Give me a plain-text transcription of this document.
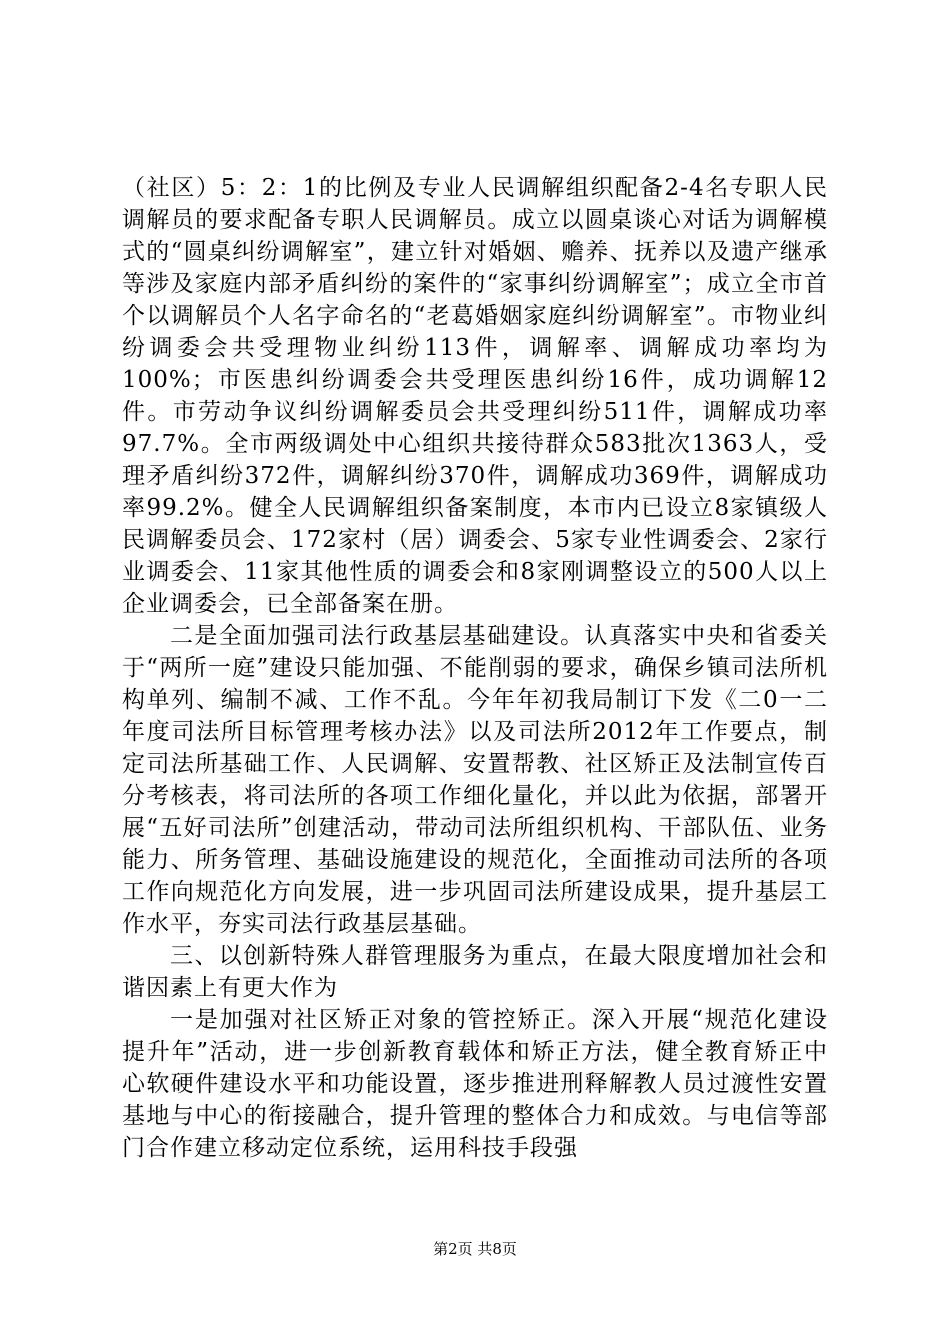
（社区）5：2：1的比例及专业人民调解组织配备2-4名专职人民调解员的要求配备专职人民调解员。成立以圆桌谈心对话为调解模式的“圆桌纠纷调解室”，建立针对婚姻、赡养、抚养以及遗产继承等涉及家庭内部矛盾纠纷的案件的“家事纠纷调解室”；成立全市首个以调解员个人名字命名的“老葛婚姻家庭纠纷调解室”。市物业纠纷调委会共受理物业纠纷113件，调解率、调解成功率均为100%；市医患纠纷调委会共受理医患纠纷16件，成功调解12件。市劳动争议纠纷调解委员会共受理纠纷511件，调解成功率97.7%。全市两级调处中心组织共接待群众583批次1363人，受理矛盾纠纷372件，调解纠纷370件，调解成功369件，调解成功率99.2%。健全人民调解组织备案制度，本市内已设立8家镇级人民调解委员会、172家村（居）调委会、5家专业性调委会、2家行业调委会、11家其他性质的调委会和8家刚调整设立的500人以上企业调委会，已全部备案在册。

二是全面加强司法行政基层基础建设。认真落实中央和省委关于“两所一庭”建设只能加强、不能削弱的要求，确保乡镇司法所机构单列、编制不减、工作不乱。今年年初我局制订下发《二0一二年度司法所目标管理考核办法》以及司法所2012年工作要点，制定司法所基础工作、人民调解、安置帮教、社区矫正及法制宣传百分考核表，将司法所的各项工作细化量化，并以此为依据，部署开展“五好司法所”创建活动，带动司法所组织机构、干部队伍、业务能力、所务管理、基础设施建设的规范化，全面推动司法所的各项工作向规范化方向发展，进一步巩固司法所建设成果，提升基层工作水平，夯实司法行政基层基础。

三、以创新特殊人群管理服务为重点，在最大限度增加社会和谐因素上有更大作为

一是加强对社区矫正对象的管控矫正。深入开展“规范化建设提升年”活动，进一步创新教育载体和矫正方法，健全教育矫正中心软硬件建设水平和功能设置，逐步推进刑释解教人员过渡性安置基地与中心的衔接融合，提升管理的整体合力和成效。与电信等部门合作建立移动定位系统，运用科技手段强

第2页 共8页
